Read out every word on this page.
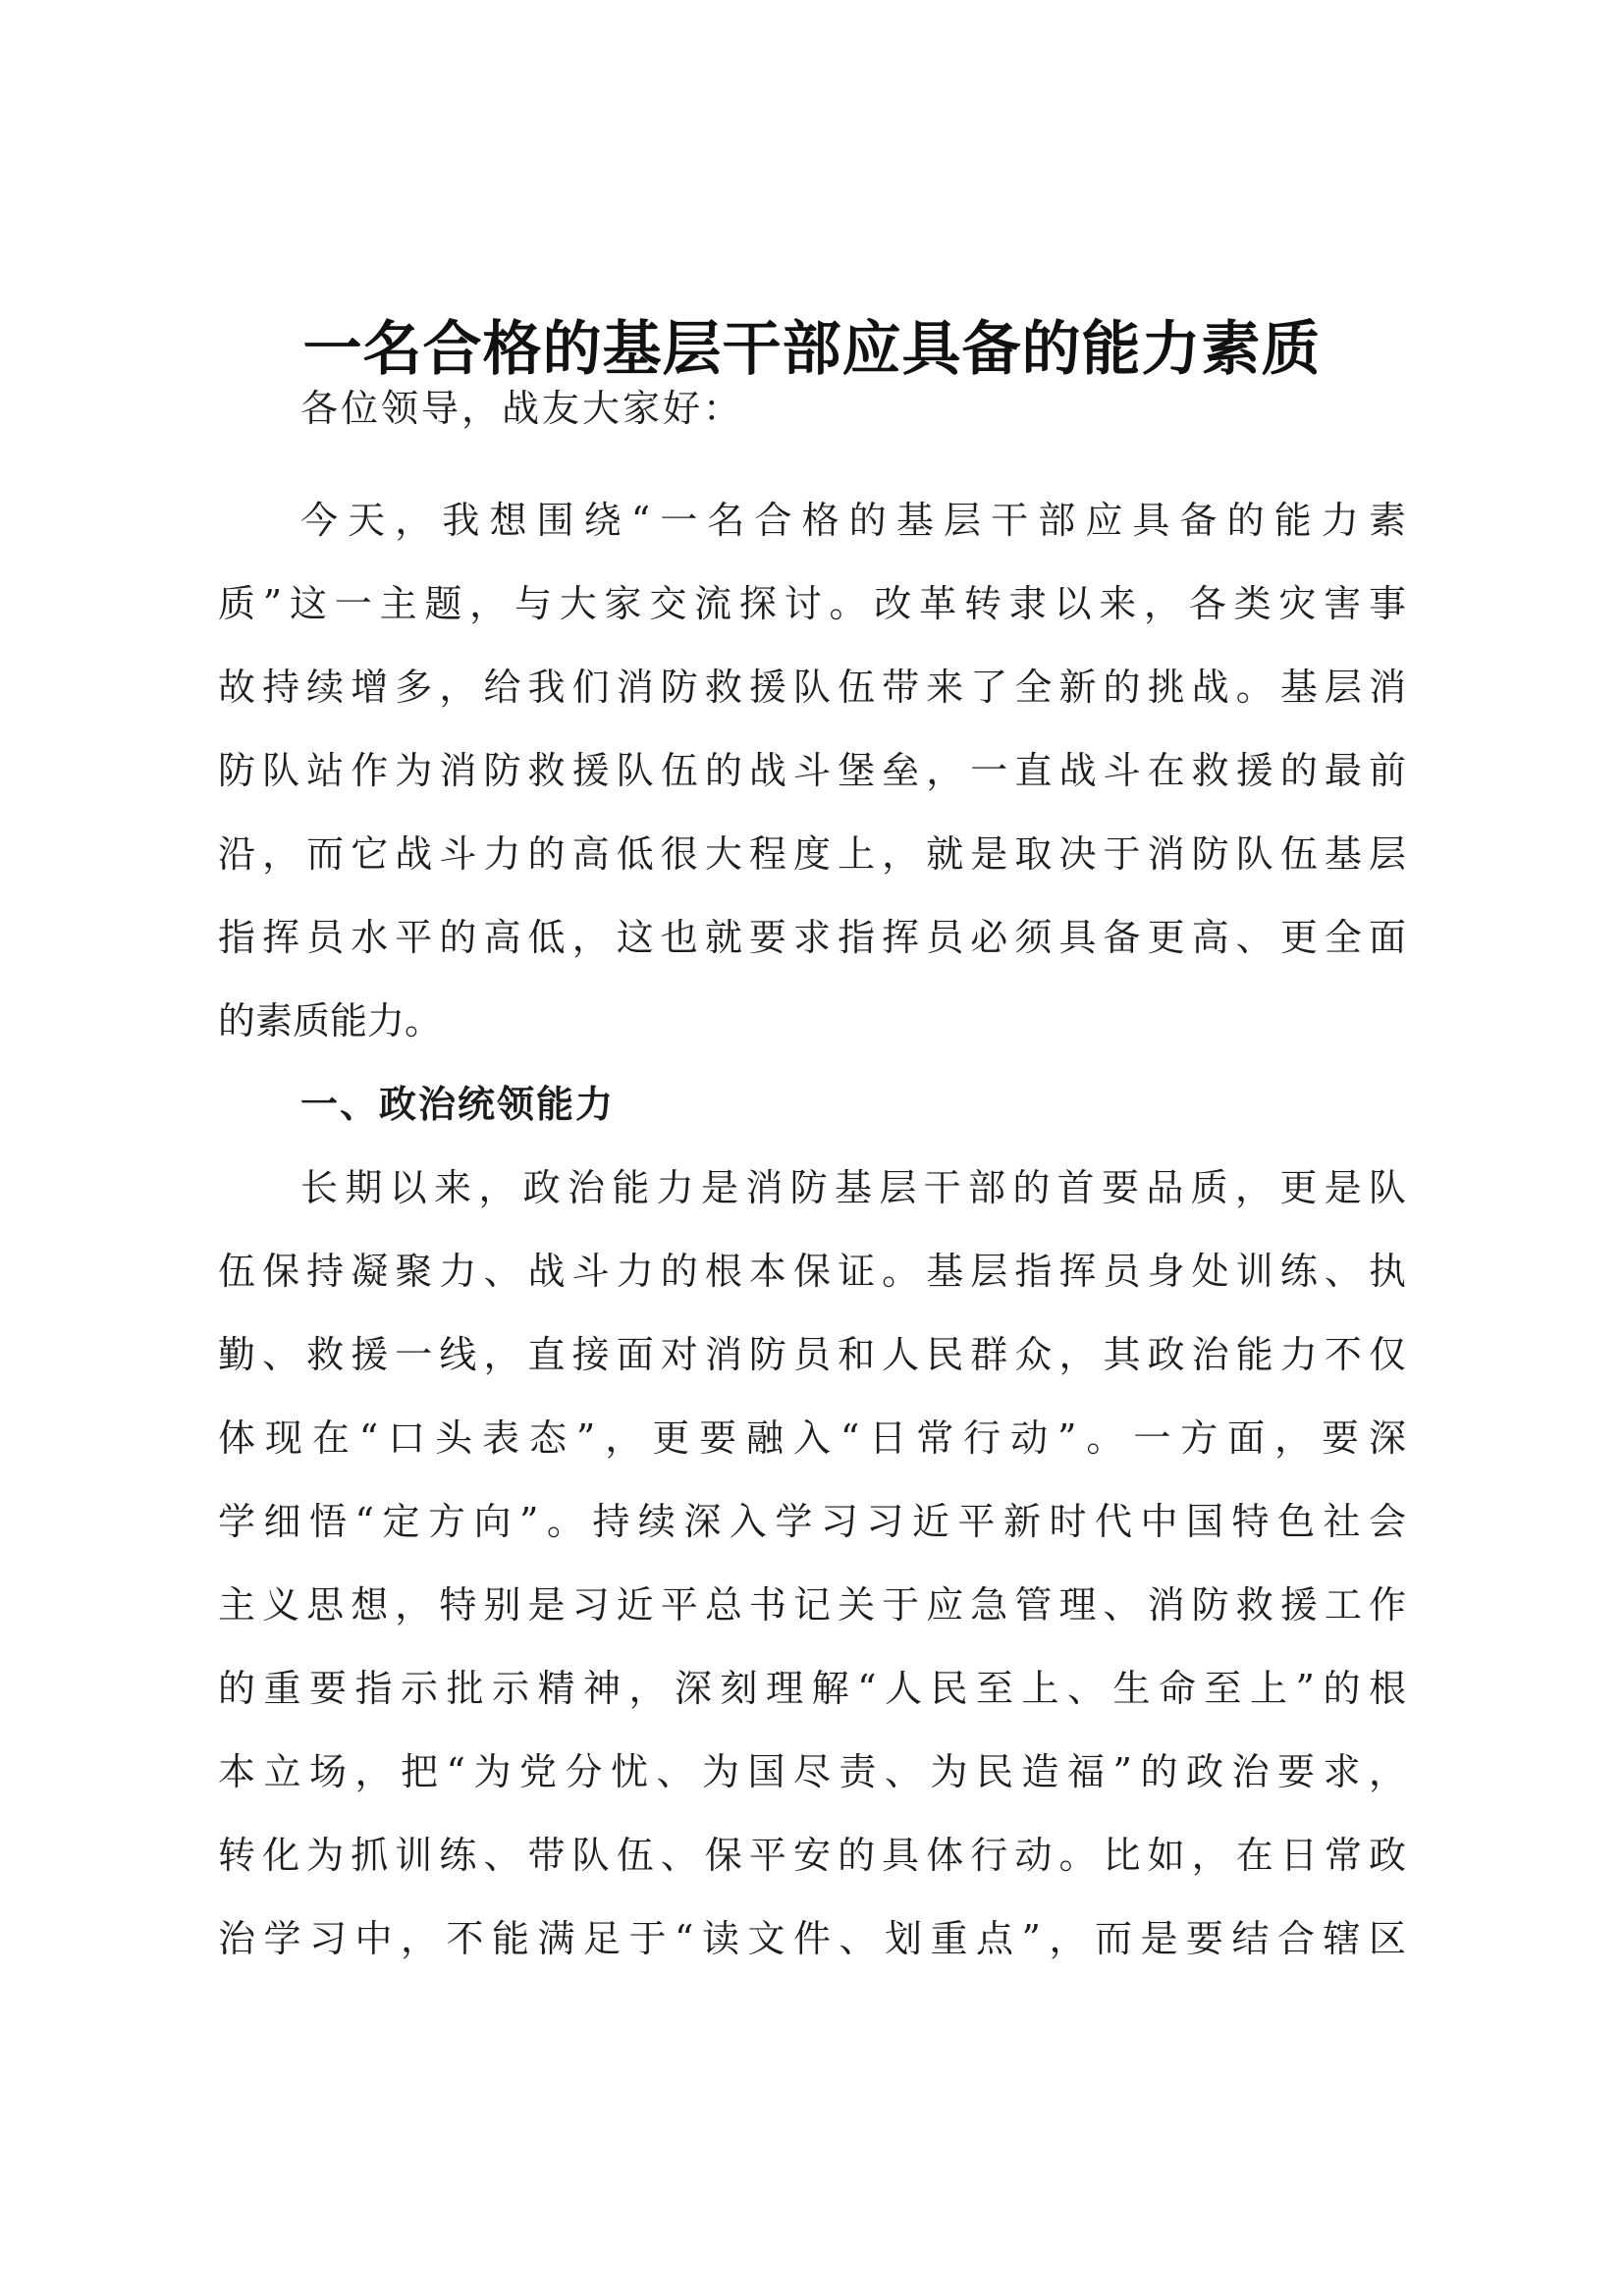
一名合格的基层干部应具备的能力素质
各位领导，战友大家好：
今天，我想围绕“一名合格的基层干部应具备的能力素
质”这一主题，与大家交流探讨。改革转隶以来，各类灾害事
故持续增多，给我们消防救援队伍带来了全新的挑战。基层消
防队站作为消防救援队伍的战斗堡垒，一直战斗在救援的最前
沿，而它战斗力的高低很大程度上，就是取决于消防队伍基层
指挥员水平的高低，这也就要求指挥员必须具备更高、更全面
的素质能力。
一、政治统领能力
长期以来，政治能力是消防基层干部的首要品质，更是队
伍保持凝聚力、战斗力的根本保证。基层指挥员身处训练、执
勤、救援一线，直接面对消防员和人民群众，其政治能力不仅
体现在“口头表态”，更要融入“日常行动”。一方面，要深
学细悟“定方向”。持续深入学习习近平新时代中国特色社会
主义思想，特别是习近平总书记关于应急管理、消防救援工作
的重要指示批示精神，深刻理解“人民至上、生命至上”的根
本立场，把“为党分忧、为国尽责、为民造福”的政治要求，
转化为抓训练、带队伍、保平安的具体行动。比如，在日常政
治学习中，不能满足于“读文件、划重点”，而是要结合辖区
